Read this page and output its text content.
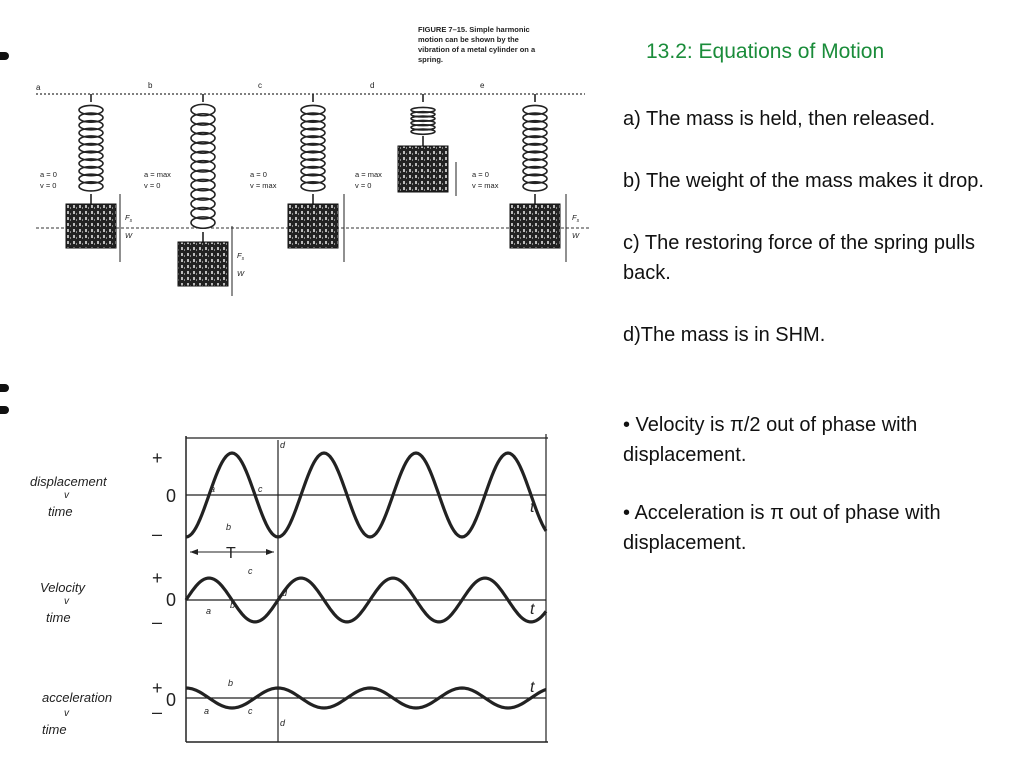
13.2: Equations of Motion

a) The mass is held, then released.

b) The weight of the mass makes it drop.

c) The restoring force of the spring pulls back.

d)The mass is in SHM.

• Velocity is π/2 out of phase with displacement.

• Acceleration is π out of phase with displacement.

FIGURE 7–15. Simple harmonic motion can be shown by the vibration of a metal cylinder on a spring.
a	b	c	d	e
a = 0
v = 0
a = max
v = 0
a = 0
v = max
a = max
v = 0
a = 0
v = max
$F_s$
W
$F_s$
W
$F_s$
W
+
0
–
+
0
–
+
0
–
T
t
t
t
a
b
c
d
a
b
c
d
a
b
c
d
displacement
v
time
Velocity
v
time
acceleration
v
time
